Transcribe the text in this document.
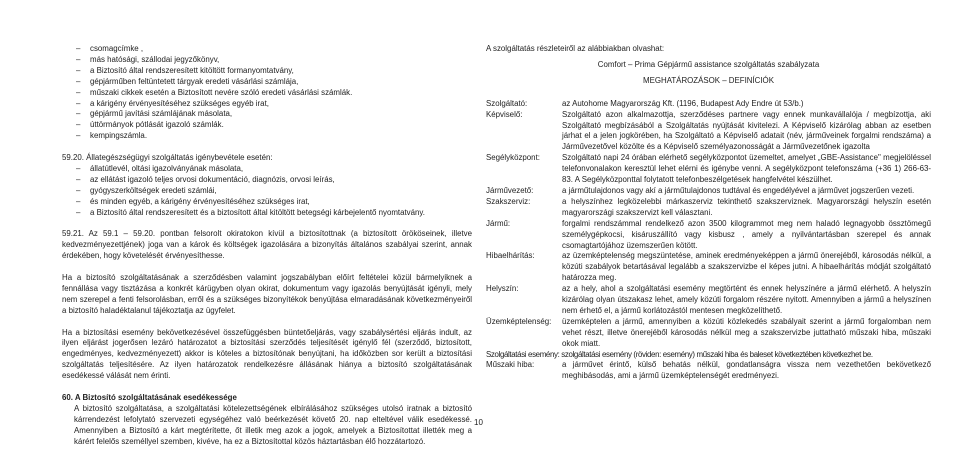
– csomagcímke ,
– más hatósági, szállodai jegyzőkönyv,
– a Biztosító által rendszeresített kitöltött formanyomtatvány,
– gépjárműben feltüntetett tárgyak eredeti vásárlási számlája,
– műszaki cikkek esetén a Biztosított nevére szóló eredeti vásárlási számlák.
– a kárigény érvényesítéséhez szükséges egyéb irat,
– gépjármű javítási számlájának másolata,
– úttörmányok pótlását igazoló számlák.
– kempingszámla.
59.20. Állategészségügyi szolgáltatás igénybevétele esetén:
– állatútlevél, oltási igazolványának másolata,
– az ellátást igazoló teljes orvosi dokumentáció, diagnózis, orvosi leírás,
– gyógyszerköltségek eredeti számlái,
– és minden egyéb, a kárigény érvényesítéséhez szükséges irat,
– a Biztosító által rendszeresített és a biztosított által kitöltött betegségi kárbejelentő nyomtatvány.
59.21. Az 59.1 – 59.20. pontban felsorolt okiratokon kívül a biztosítottnak (a biztosított örököseinek, illetve kedvezményezettjének) joga van a károk és költségek igazolására a bizonyítás általános szabályai szerint, annak érdekében, hogy követelését érvényesíthesse.
Ha a biztosító szolgáltatásának a szerződésben valamint jogszabályban előírt feltételei közül bármelyiknek a fennállása vagy tisztázása a konkrét kárügyben olyan okirat, dokumentum vagy igazolás benyújtását igényli, mely nem szerepel a fenti felsorolásban, erről és a szükséges bizonyítékok benyújtása elmaradásának következményeiről a biztosító haladéktalanul tájékoztatja az ügyfelet.
Ha a biztosítási esemény bekövetkezésével összefüggésben büntetőeljárás, vagy szabálysértési eljárás indult, az ilyen eljárást jogerősen lezáró határozatot a biztosítási szerződés teljesítését igénylő fél (szerződő, biztosított, engedményes, kedvezményezett) akkor is köteles a biztosítónak benyújtani, ha időközben sor került a biztosítási szolgáltatás teljesítésére. Az ilyen határozatok rendelkezésre állásának hiánya a biztosító szolgáltatásának esedékessé válását nem érinti.
60. A Biztosító szolgáltatásának esedékessége
A biztosító szolgáltatása, a szolgáltatási kötelezettségének elbírálásához szükséges utolsó iratnak a biztosító kárrendezést lefolytató szervezeti egységéhez való beérkezését követő 20. nap elteltével válik esedékessé. Amennyiben a Biztosító a kárt megtérítette, őt illetik meg azok a jogok, amelyek a Biztosítottat illették meg a kárért felelős személlyel szemben, kivéve, ha ez a Biztosítottal közös háztartásban élő hozzátartozó.
10
A szolgáltatás részleteiről az alábbiakban olvashat:
Comfort – Prima Gépjármű assistance szolgáltatás szabályzata
MEGHATÁROZÁSOK – DEFINÍCIÓK
Szolgáltató:	az Autohome Magyarország Kft. (1196, Budapest Ady Endre út 53/b.)
Képviselő:	Szolgáltató azon alkalmazottja, szerződéses partnere vagy ennek munkavállalója / megbízottja, aki Szolgáltató megbízásából a Szolgáltatás nyújtását kivitelezi. A Képviselő kizárólag abban az esetben járhat el a jelen jogkörében, ha Szolgáltató a Képviselő adatait (név, járműveinek forgalmi rendszáma) a Járművezetővel közölte és a Képviselő személyazonosságát a Járművezetőnek igazolta
Segélyközpont:	Szolgáltató napi 24 órában elérhető segélyközpontot üzemeltet, amelyet „GBE-Assistance" megjelöléssel telefonvonalakon keresztül lehet elérni és igénybe venni. A segélyközpont telefonszáma (+36 1) 266-63-83. A Segélyközponttal folytatott telefonbeszélgetések hangfelvétel készülhet.
Járművezető:	a járműtulajdonos vagy akí a járműtulajdonos tudtával és engedélyével a járművet jogszerűen vezeti.
Szakszerviz:	a helyszínhez legközelebbi márkaszerviz tekinthető szakszerviznek. Magyarországi helyszín esetén magyarországi szakszervizt kell választani.
Jármű:	forgalmi rendszámmal rendelkező azon 3500 kilogrammot meg nem haladó legnagyobb össztömegű személygépkocsi, kisáruszállító vagy kisbusz , amely a nyilvántartásban szerepel és annak csomagtartójához üzemszerűen kötött.
Hibaelhárítás:	az üzemképtelenség megszüntetése, aminek eredményeképpen a jármű önerejéből, károsodás nélkül, a közúti szabályok betartásával legalább a szakszervizbe el képes jutni. A hibaelhárítás módját szolgáltató határozza meg.
Helyszín:	az a hely, ahol a szolgáltatási esemény megtörtént és ennek helyszínére a jármű elérhető. A helyszín kizárólag olyan útszakasz lehet, amely közúti forgalom részére nyitott. Amennyiben a jármű a helyszínen nem érhető el, a jármű korlátozástól mentesen megközelíthető.
Üzemképtelenség:	üzemképtelen a jármű, amennyiben a közúti közlekedés szabályait szerint a jármű forgalomban nem vehet részt, illetve önerejéből károsodás nélkül meg a szakszervizbe juttatható műszaki hiba, műszaki okok miatt.
Szolgáltatási esemény: szolgáltatási esemény (röviden: esemény) műszaki hiba és baleset következtében következhet be.
Műszaki hiba:	a járművet érintő, külső behatás nélkül, gondatlanságra vissza nem vezethetően bekövetkező meghibásodás, ami a jármű üzemképtelenségét eredményezi.
